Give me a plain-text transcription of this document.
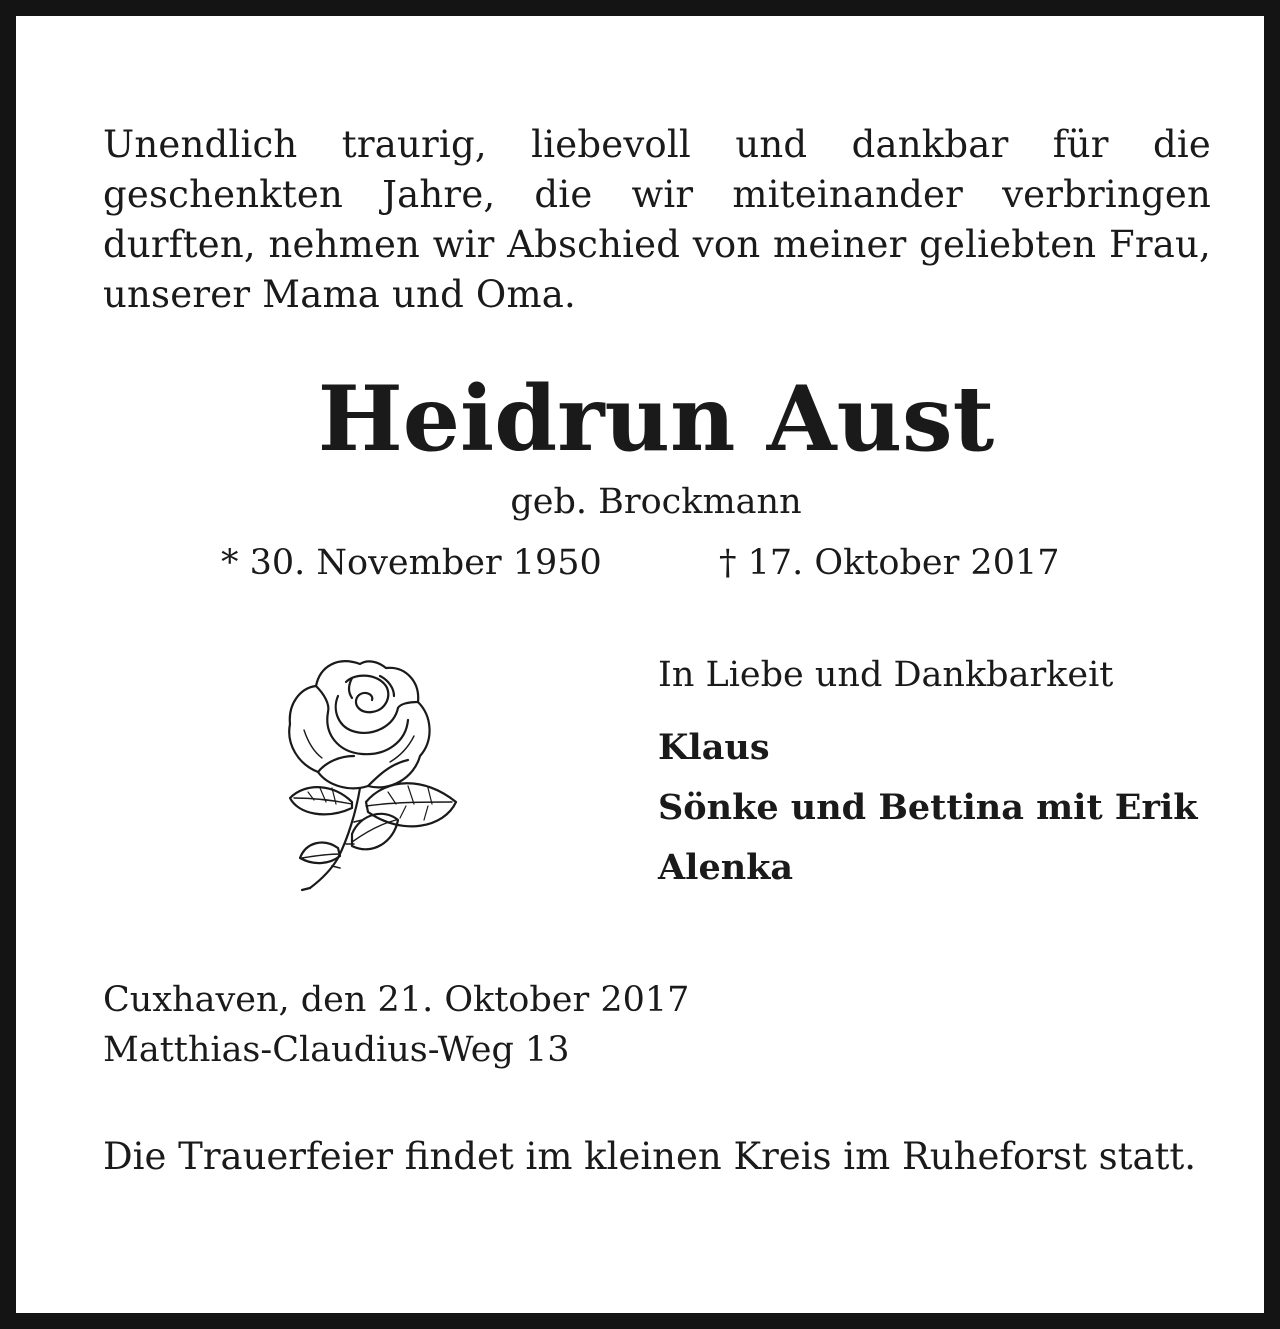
Unendlich traurig, liebevoll und dankbar für die geschenkten Jahre, die wir miteinander verbringen durften, nehmen wir Abschied von meiner geliebten Frau, unserer Mama und Oma.
Heidrun Aust
geb. Brockmann
* 30. November 1950	† 17. Oktober 2017
In Liebe und Dankbarkeit
Klaus
Sönke und Bettina mit Erik
Alenka
Cuxhaven, den 21. Oktober 2017
Matthias-Claudius-Weg 13
Die Trauerfeier findet im kleinen Kreis im Ruheforst statt.
